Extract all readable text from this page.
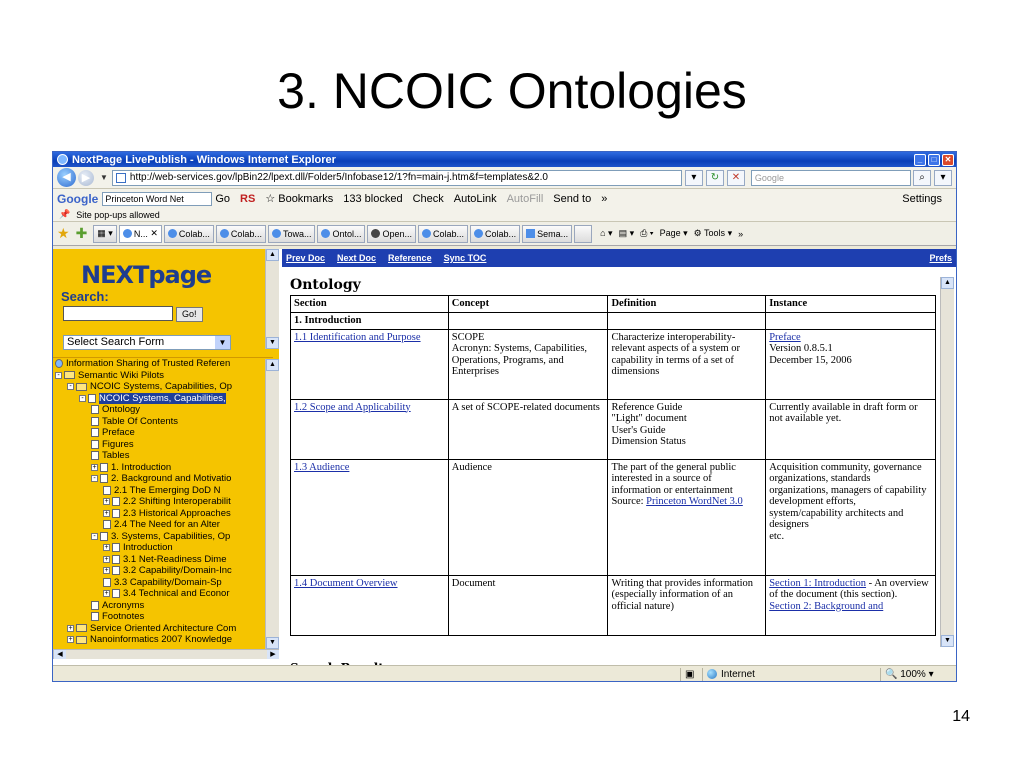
3. NCOIC Ontologies
NextPage LivePublish - Windows Internet Explorer	_	□	✕
◀	▶	▼ http://web-services.gov/lpBin22/lpext.dll/Folder5/Infobase12/1?fn=main-j.htm&f=templates&2.0	▾	↻	✕	Google	⌕	▾
Google Princeton Word Net	Go RS ☆ Bookmarks 133 blocked Check AutoLink AutoFill Send to »	Settings
📌 Site pop-ups allowed
★ ✚	▦ ▾	N... ✕	Colab... Colab... Towa... Ontol... Open... Colab... Colab... Sema...	⌂ ▾ ▤ ▾ ⎙ ▾ Page ▾ ⚙ Tools ▾ »
NEXTpage
Search:
Go!
Select Search Form	▼
Information Sharing of Trusted Referen
- Semantic Wiki Pilots
- NCOIC Systems, Capabilities, Op
- NCOIC Systems, Capabilities,
Ontology
Table Of Contents
Preface
Figures
Tables
+ 1. Introduction
- 2. Background and Motivatio
2.1 The Emerging DoD N
+ 2.2 Shifting Interoperabilit
+ 2.3 Historical Approaches
2.4 The Need for an Alter
- 3. Systems, Capabilities, Op
+ Introduction
+ 3.1 Net-Readiness Dime
+ 3.2 Capability/Domain-Inc
3.3 Capability/Domain-Sp
+ 3.4 Technical and Econor
Acronyms
Footnotes
+ Service Oriented Architecture Com
+ Nanoinformatics 2007 Knowledge
▲
▼
▲
▼
◀	▶
Prev Doc Next Doc Reference Sync TOC	Prefs
Ontology
Section	Concept	Definition	Instance
1. Introduction			
1.1 Identification and Purpose	SCOPE
Acronyn: Systems, Capabilities, Operations, Programs, and Enterprises	Characterize interoperability-relevant aspects of a system or capability in terms of a set of dimensions	Preface
Version 0.8.5.1
December 15, 2006
1.2 Scope and Applicability	A set of SCOPE-related documents	Reference Guide
"Light" document
User's Guide
Dimension Status	Currently available in draft form or not available yet.
1.3 Audience	Audience	The part of the general public interested in a source of information or entertainment
Source: Princeton WordNet 3.0	Acquisition community, governance organizations, standards organizations, managers of capability development efforts, system/capability architects and designers
etc.
1.4 Document Overview	Document	Writing that provides information (especially information of an official nature)	Section 1: Introduction - An overview of the document (this section).
Section 2: Background and
▲
▼
▣	Internet	🔍 100% ▾
14
